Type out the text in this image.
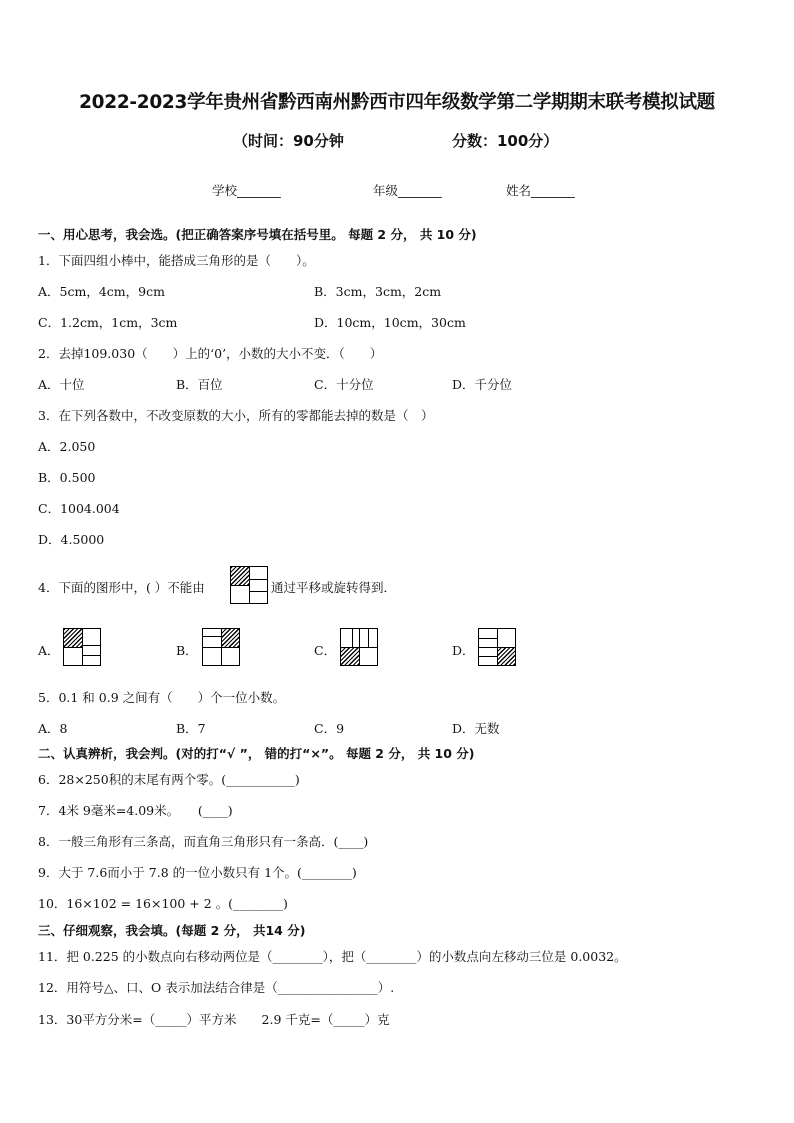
2022-2023学年贵州省黔西南州黔西市四年级数学第二学期期末联考模拟试题
（时间：90分钟	分数：100分）
学校_______	年级_______	姓名_______
一、用心思考，我会选。(把正确答案序号填在括号里。 每题 2 分， 共 10 分)
1．下面四组小棒中，能搭成三角形的是（　　）。
A．5cm，4cm，9cm	B．3cm，3cm，2cm
C．1.2cm，1cm，3cm	D．10cm，10cm，30cm
2．去掉109.030（　　）上的‘0’，小数的大小不变．（　　）
A．十位	B．百位	C．十分位	D．千分位
3．在下列各数中，不改变原数的大小，所有的零都能去掉的数是（　）
A．2.050
B．0.500
C．1004.004
D．4.5000
4．下面的图形中，( ）不能由	通过平移或旋转得到．
A．	B．	C．	D．
5．0.1 和 0.9 之间有（　　）个一位小数。
A．8	B．7	C．9	D．无数
二、认真辨析，我会判。(对的打“√ ”， 错的打“×”。 每题 2 分， 共 10 分)
6．28×250积的末尾有两个零。(___________)
7．4米 9毫米=4.09米。　　(____)
8．一般三角形有三条高，而直角三角形只有一条高．(____)
9．大于 7.6而小于 7.8 的一位小数只有 1个。(________)
10．16×102 = 16×100 + 2 。(________)
三、仔细观察，我会填。(每题 2 分， 共14 分)
11．把 0.225 的小数点向右移动两位是（________），把（________）的小数点向左移动三位是 0.0032。
12．用符号△、口、O 表示加法结合律是（________________）.
13．30平方分米=（_____）平方米　　2.9 千克=（_____）克
